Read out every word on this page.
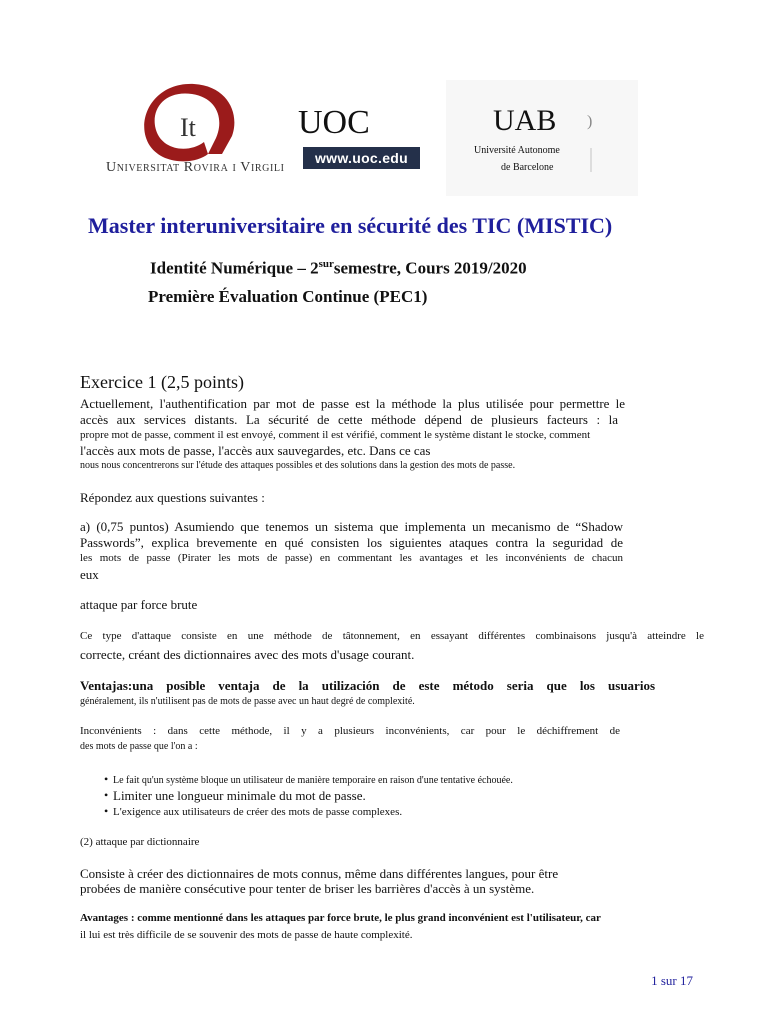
It
Universitat Rovira i Virgili
UOC
www.uoc.edu
UAB )
Université Autonome
de Barcelone
Master interuniversitaire en sécurité des TIC (MISTIC)
Identité Numérique – $2^{sur}semestre$, Cours 2019/2020
Première Évaluation Continue (PEC1)
Exercice 1 (2,5 points)
Actuellement, l'authentification par mot de passe est la méthode la plus utilisée pour permettre le
accès aux services distants. La sécurité de cette méthode dépend de plusieurs facteurs : la
propre mot de passe, comment il est envoyé, comment il est vérifié, comment le système distant le stocke, comment
l'accès aux mots de passe, l'accès aux sauvegardes, etc. Dans ce cas
nous nous concentrerons sur l'étude des attaques possibles et des solutions dans la gestion des mots de passe.
Répondez aux questions suivantes :
a) (0,75 puntos) Asumiendo que tenemos un sistema que implementa un mecanismo de “Shadow
Passwords”, explica brevemente en qué consisten los siguientes ataques contra la seguridad de
les mots de passe (Pirater les mots de passe) en commentant les avantages et les inconvénients de chacun
eux
attaque par force brute
Ce type d'attaque consiste en une méthode de tâtonnement, en essayant différentes combinaisons jusqu'à atteindre le
correcte, créant des dictionnaires avec des mots d'usage courant.
Ventajas:una posible ventaja de la utilización de este método seria que los usuarios
généralement, ils n'utilisent pas de mots de passe avec un haut degré de complexité.
Inconvénients : dans cette méthode, il y a plusieurs inconvénients, car pour le déchiffrement de
des mots de passe que l'on a :
• Le fait qu'un système bloque un utilisateur de manière temporaire en raison d'une tentative échouée.
• Limiter une longueur minimale du mot de passe.
• L'exigence aux utilisateurs de créer des mots de passe complexes.
(2) attaque par dictionnaire
Consiste à créer des dictionnaires de mots connus, même dans différentes langues, pour être
probées de manière consécutive pour tenter de briser les barrières d'accès à un système.
Avantages : comme mentionné dans les attaques par force brute, le plus grand inconvénient est l'utilisateur, car
il lui est très difficile de se souvenir des mots de passe de haute complexité.
1 sur 17
